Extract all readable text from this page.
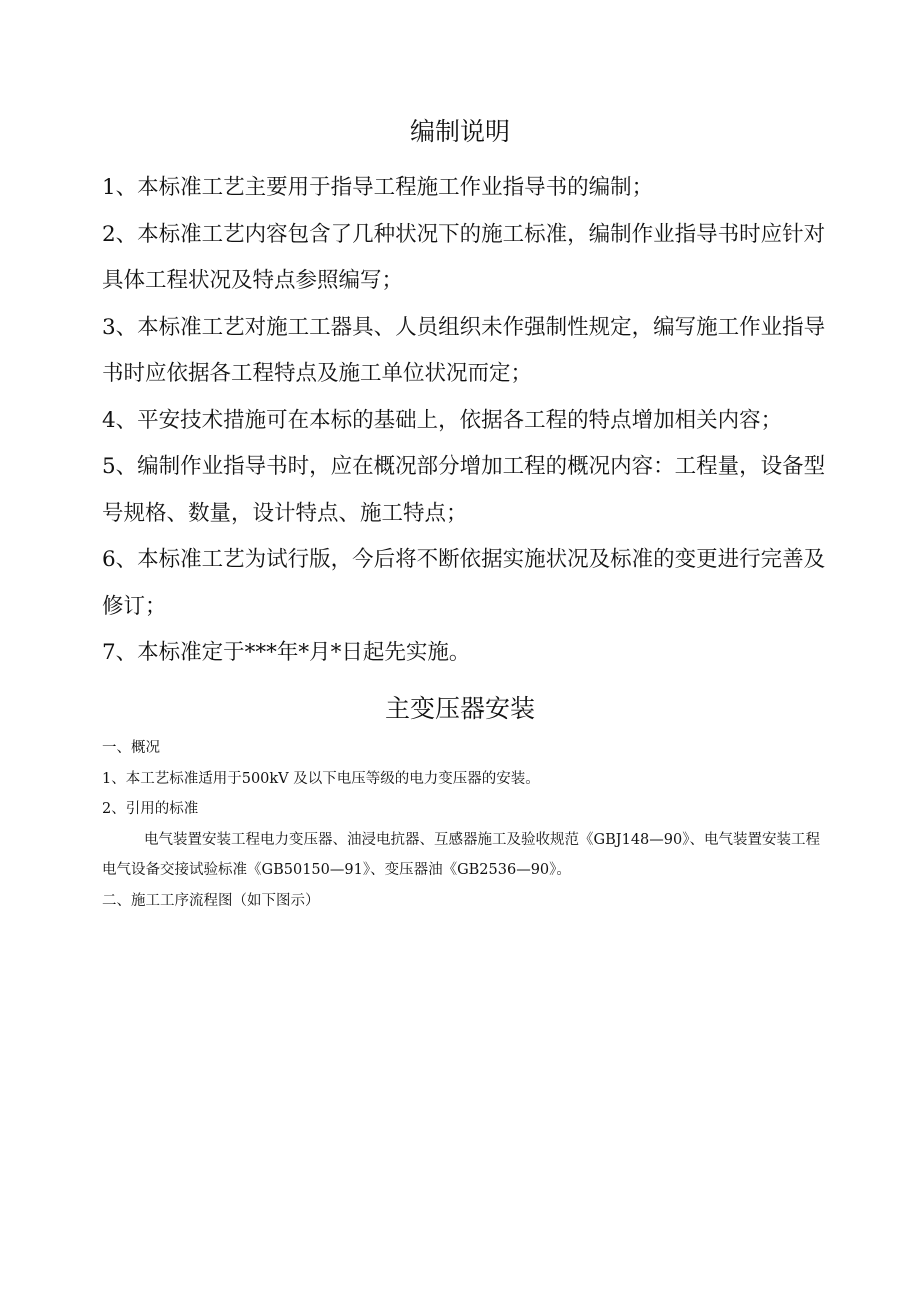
编制说明
1、本标准工艺主要用于指导工程施工作业指导书的编制；
2、本标准工艺内容包含了几种状况下的施工标准，编制作业指导书时应针对具体工程状况及特点参照编写；
3、本标准工艺对施工工器具、人员组织未作强制性规定，编写施工作业指导书时应依据各工程特点及施工单位状况而定；
4、平安技术措施可在本标的基础上，依据各工程的特点增加相关内容；
5、编制作业指导书时，应在概况部分增加工程的概况内容：工程量，设备型号规格、数量，设计特点、施工特点；
6、本标准工艺为试行版，今后将不断依据实施状况及标准的变更进行完善及修订；
7、本标准定于***年*月*日起先实施。
主变压器安装

一、概况

1、本工艺标准适用于500kV 及以下电压等级的电力变压器的安装。

2、引用的标准

电气装置安装工程电力变压器、油浸电抗器、互感器施工及验收规范《GBJ148—90》、电气装置安装工程电气设备交接试验标准《GB50150—91》、变压器油《GB2536—90》。

二、施工工序流程图（如下图示）
